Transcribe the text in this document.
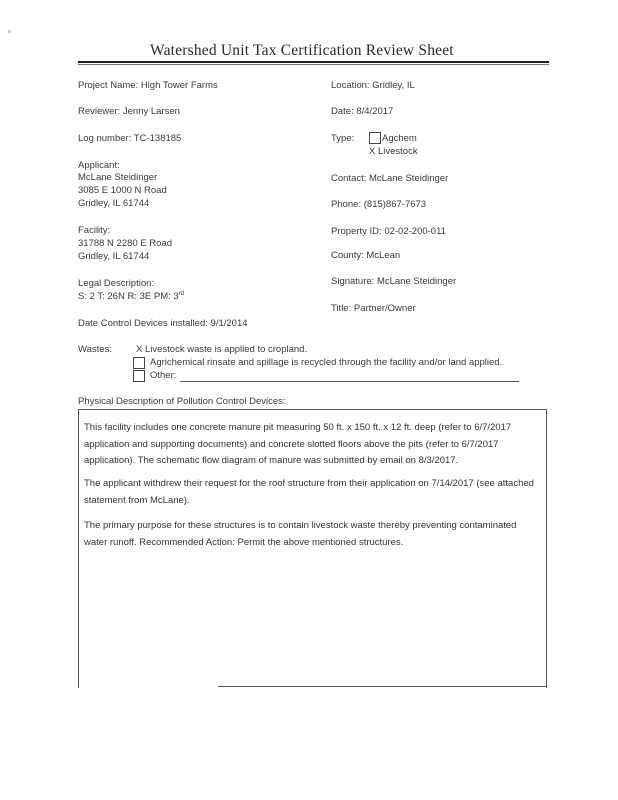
Watershed Unit Tax Certification Review Sheet
Project Name: High Tower Farms
Reviewer: Jenny Larsen
Log number: TC-138185
Applicant:
McLane Steidinger
3085 E 1000 N Road
Gridley, IL 61744
Facility:
31788 N 2280 E Road
Gridley, IL 61744
Legal Description:
S: 2 T: 26N R: 3E PM: 3rd
Date Control Devices installed: 9/1/2014
Location: Gridley, IL
Date: 8/4/2017
Type:	Agchem
X Livestock
Contact: McLane Steidinger
Phone: (815)867-7673
Property ID: 02-02-200-011
County: McLean
Signature: McLane Steidinger
Title: Partner/Owner
Wastes:	X Livestock waste is applied to cropland.
Agrichemical rinsate and spillage is recycled through the facility and/or land applied.
Other:
Physical Description of Pollution Control Devices:
This facility includes one concrete manure pit measuring 50 ft. x 150 ft. x 12 ft. deep (refer to 6/7/2017 application and supporting documents) and concrete slotted floors above the pits (refer to 6/7/2017 application). The schematic flow diagram of manure was submitted by email on 8/3/2017.
The applicant withdrew their request for the roof structure from their application on 7/14/2017 (see attached statement from McLane).
The primary purpose for these structures is to contain livestock waste thereby preventing contaminated water runoff. Recommended Action: Permit the above mentioned structures.
